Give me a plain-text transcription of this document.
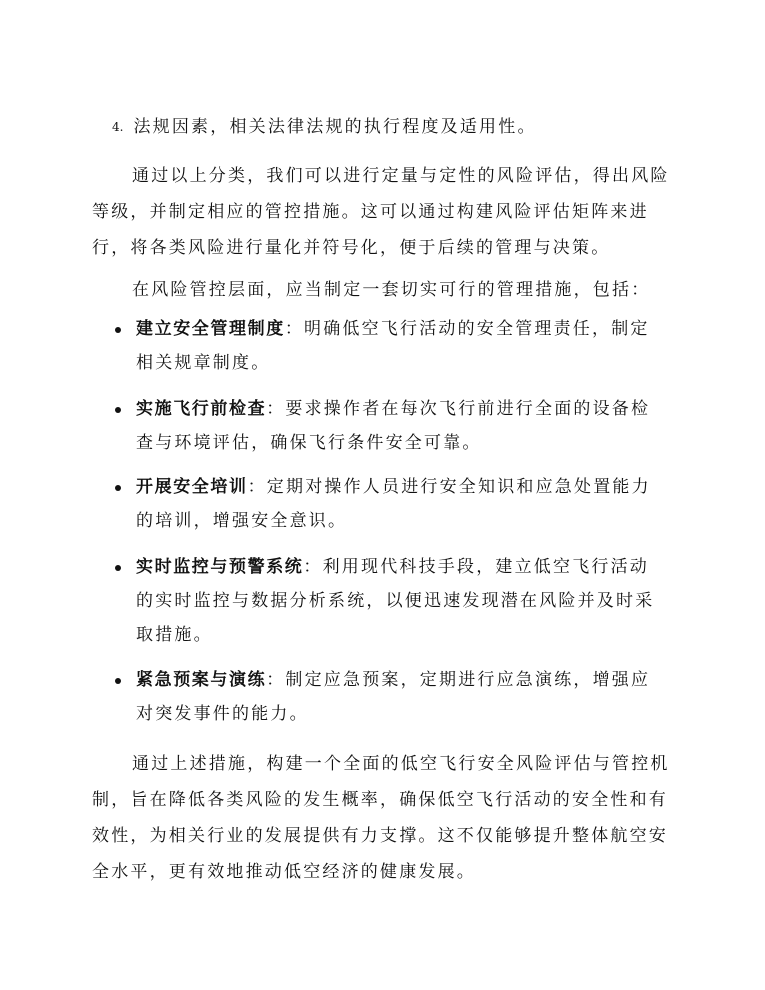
4. 法规因素，相关法律法规的执行程度及适用性。

通过以上分类，我们可以进行定量与定性的风险评估，得出风险等级，并制定相应的管控措施。这可以通过构建风险评估矩阵来进行，将各类风险进行量化并符号化，便于后续的管理与决策。

在风险管控层面，应当制定一套切实可行的管理措施，包括：

建立安全管理制度：明确低空飞行活动的安全管理责任，制定相关规章制度。

实施飞行前检查：要求操作者在每次飞行前进行全面的设备检查与环境评估，确保飞行条件安全可靠。

开展安全培训：定期对操作人员进行安全知识和应急处置能力的培训，增强安全意识。

实时监控与预警系统：利用现代科技手段，建立低空飞行活动的实时监控与数据分析系统，以便迅速发现潜在风险并及时采取措施。

紧急预案与演练：制定应急预案，定期进行应急演练，增强应对突发事件的能力。

通过上述措施，构建一个全面的低空飞行安全风险评估与管控机制，旨在降低各类风险的发生概率，确保低空飞行活动的安全性和有效性，为相关行业的发展提供有力支撑。这不仅能够提升整体航空安全水平，更有效地推动低空经济的健康发展。
